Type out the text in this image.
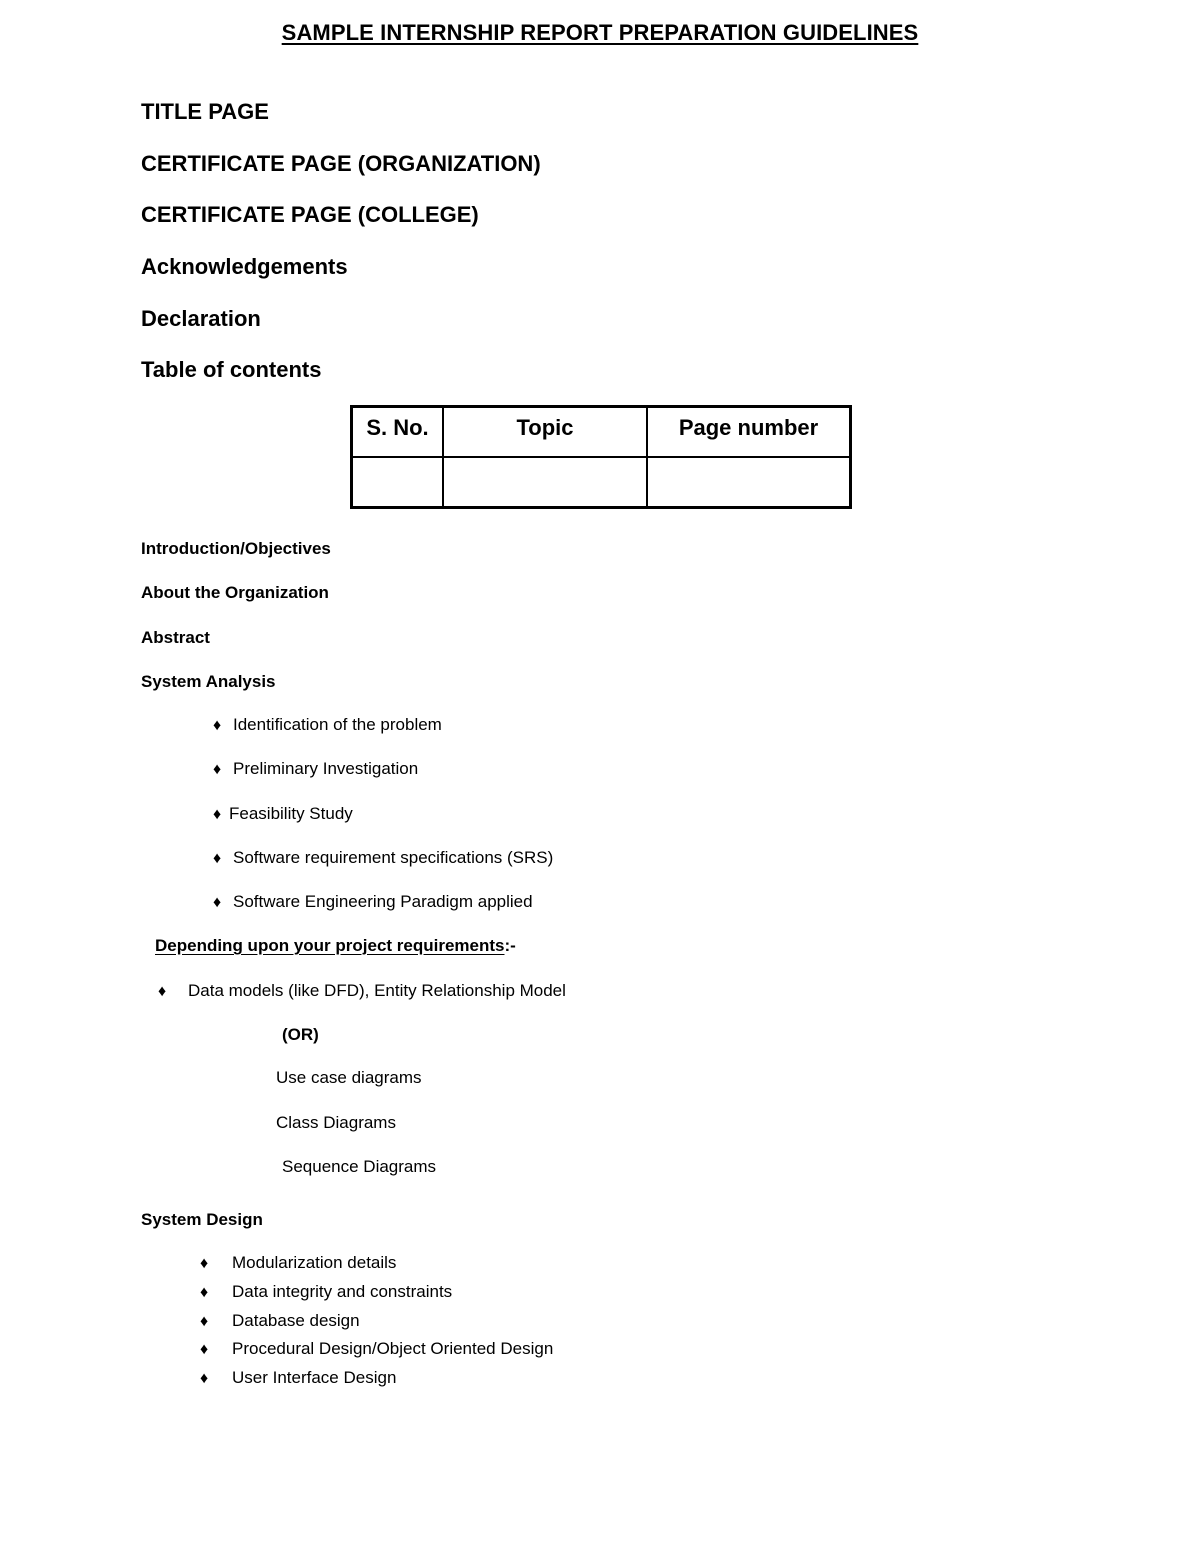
SAMPLE INTERNSHIP REPORT PREPARATION GUIDELINES
TITLE PAGE
CERTIFICATE PAGE (ORGANIZATION)
CERTIFICATE PAGE (COLLEGE)
Acknowledgements
Declaration
Table of contents
S. No.	Topic	Page number

Introduction/Objectives
About the Organization
Abstract
System Analysis
♦ Identification of the problem
♦ Preliminary Investigation
♦ Feasibility Study
♦ Software requirement specifications (SRS)
♦ Software Engineering Paradigm applied
Depending upon your project requirements:-
♦ Data models (like DFD), Entity Relationship Model
(OR)
Use case diagrams
Class Diagrams
Sequence Diagrams
System Design
♦ Modularization details
♦ Data integrity and constraints
♦ Database design
♦ Procedural Design/Object Oriented Design
♦ User Interface Design
